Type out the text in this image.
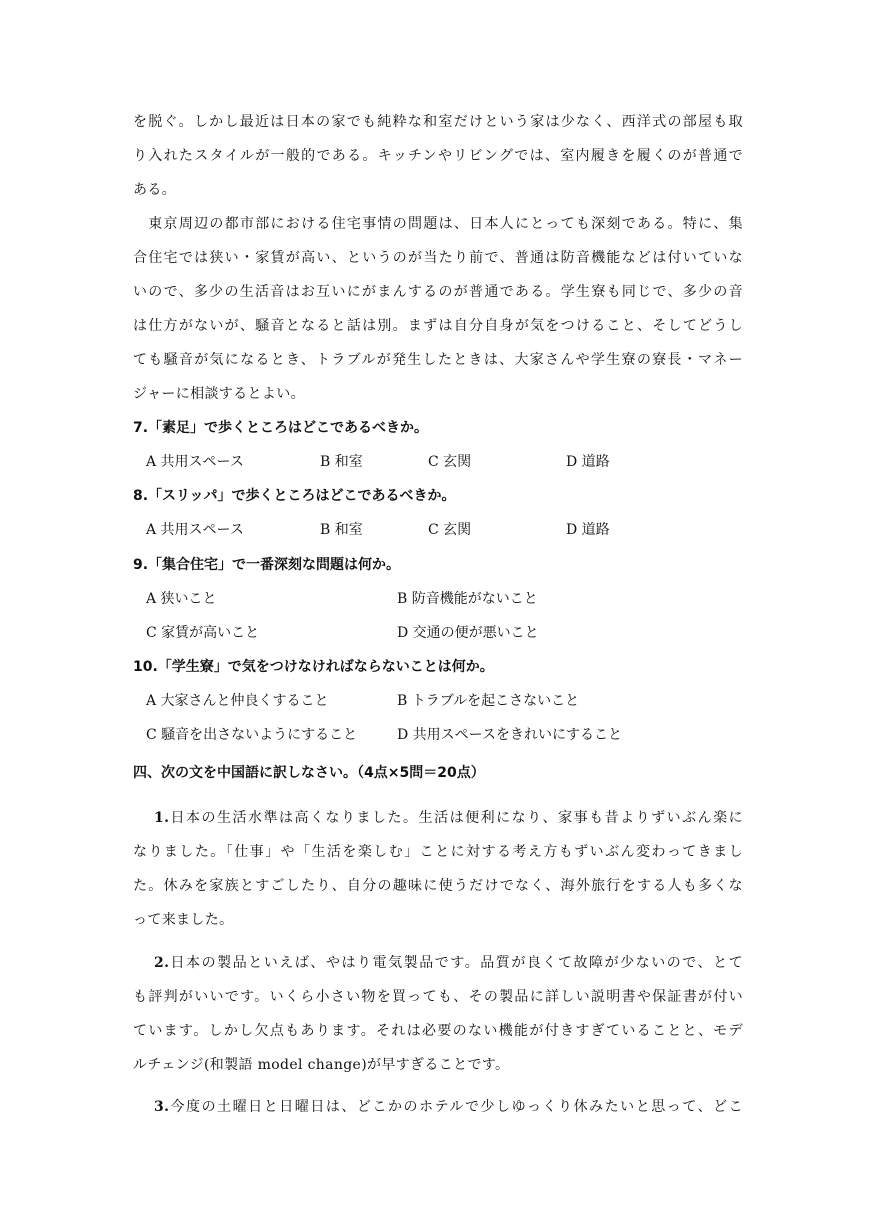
を脱ぐ。しかし最近は日本の家でも純粋な和室だけという家は少なく、西洋式の部屋も取
り入れたスタイルが一般的である。キッチンやリビングでは、室内履きを履くのが普通で
ある。
　東京周辺の都市部における住宅事情の問題は、日本人にとっても深刻である。特に、集
合住宅では狭い・家賃が高い、というのが当たり前で、普通は防音機能などは付いていな
いので、多少の生活音はお互いにがまんするのが普通である。学生寮も同じで、多少の音
は仕方がないが、騒音となると話は別。まずは自分自身が気をつけること、そしてどうし
ても騒音が気になるとき、トラブルが発生したときは、大家さんや学生寮の寮長・マネー
ジャーに相談するとよい。
7.「素足」で歩くところはどこであるべきか。
A 共用スペース	B 和室	C 玄関	D 道路
8.「スリッパ」で歩くところはどこであるべきか。
A 共用スペース	B 和室	C 玄関	D 道路
9.「集合住宅」で一番深刻な問題は何か。
A 狭いこと	B 防音機能がないこと
C 家賃が高いこと	D 交通の便が悪いこと
10.「学生寮」で気をつけなければならないことは何か。
A 大家さんと仲良くすること	B トラブルを起こさないこと
C 騒音を出さないようにすること	D 共用スペースをきれいにすること
四、次の文を中国語に訳しなさい。（4点×5問＝20点）
1.日本の生活水準は高くなりました。生活は便利になり、家事も昔よりずいぶん楽に
なりました。「仕事」や「生活を楽しむ」ことに対する考え方もずいぶん変わってきまし
た。休みを家族とすごしたり、自分の趣味に使うだけでなく、海外旅行をする人も多くな
って来ました。
2.日本の製品といえば、やはり電気製品です。品質が良くて故障が少ないので、とて
も評判がいいです。いくら小さい物を買っても、その製品に詳しい説明書や保証書が付い
ています。しかし欠点もあります。それは必要のない機能が付きすぎていることと、モデ
ルチェンジ(和製語 model change)が早すぎることです。
3.今度の土曜日と日曜日は、どこかのホテルで少しゆっくり休みたいと思って、どこ
